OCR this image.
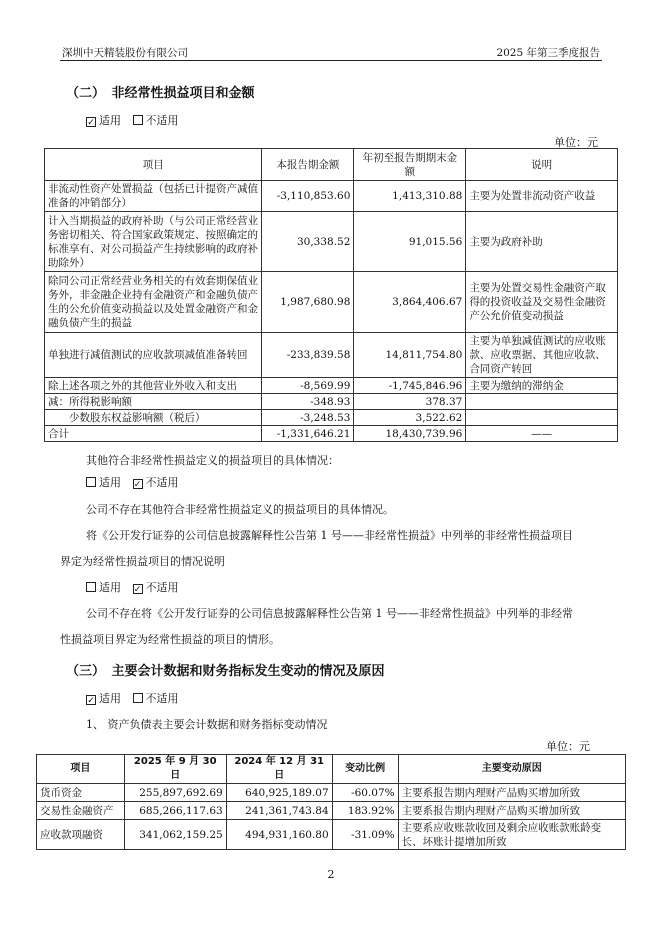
深圳中天精装股份有限公司	2025 年第三季度报告
（二）　非经常性损益项目和金额
✓ 适用 不适用
单位：元
项目	本报告期金额	年初至报告期期末金额	说明
非流动性资产处置损益（包括已计提资产减值准备的冲销部分）	-3,110,853.60	1,413,310.88	主要为处置非流动资产收益
计入当期损益的政府补助（与公司正常经营业务密切相关、符合国家政策规定、按照确定的标准享有、对公司损益产生持续影响的政府补助除外）	30,338.52	91,015.56	主要为政府补助
除同公司正常经营业务相关的有效套期保值业务外，非金融企业持有金融资产和金融负债产生的公允价值变动损益以及处置金融资产和金融负债产生的损益	1,987,680.98	3,864,406.67	主要为处置交易性金融资产取得的投资收益及交易性金融资产公允价值变动损益
单独进行减值测试的应收款项减值准备转回	-233,839.58	14,811,754.80	主要为单独减值测试的应收账款、应收票据、其他应收款、合同资产转回
除上述各项之外的其他营业外收入和支出	-8,569.99	-1,745,846.96	主要为缴纳的滞纳金
减：所得税影响额	-348.93	378.37	
　　少数股东权益影响额（税后）	-3,248.53	3,522.62	
合计	-1,331,646.21	18,430,739.96	——
其他符合非经常性损益定义的损益项目的具体情况：
适用 ✓ 不适用
公司不存在其他符合非经常性损益定义的损益项目的具体情况。
将《公开发行证券的公司信息披露解释性公告第 1 号——非经常性损益》中列举的非经常性损益项目
界定为经常性损益项目的情况说明
适用 ✓ 不适用
公司不存在将《公开发行证券的公司信息披露解释性公告第 1 号——非经常性损益》中列举的非经常
性损益项目界定为经常性损益的项目的情形。
（三）　主要会计数据和财务指标发生变动的情况及原因
✓ 适用 不适用
1、 资产负债表主要会计数据和财务指标变动情况
单位：元
项目	2025 年 9 月 30 日	2024 年 12 月 31 日	变动比例	主要变动原因
货币资金	255,897,692.69	640,925,189.07	-60.07%	主要系报告期内理财产品购买增加所致
交易性金融资产	685,266,117.63	241,361,743.84	183.92%	主要系报告期内理财产品购买增加所致
应收款项融资	341,062,159.25	494,931,160.80	-31.09%	主要系应收账款收回及剩余应收账款账龄变长、坏账计提增加所致
2
